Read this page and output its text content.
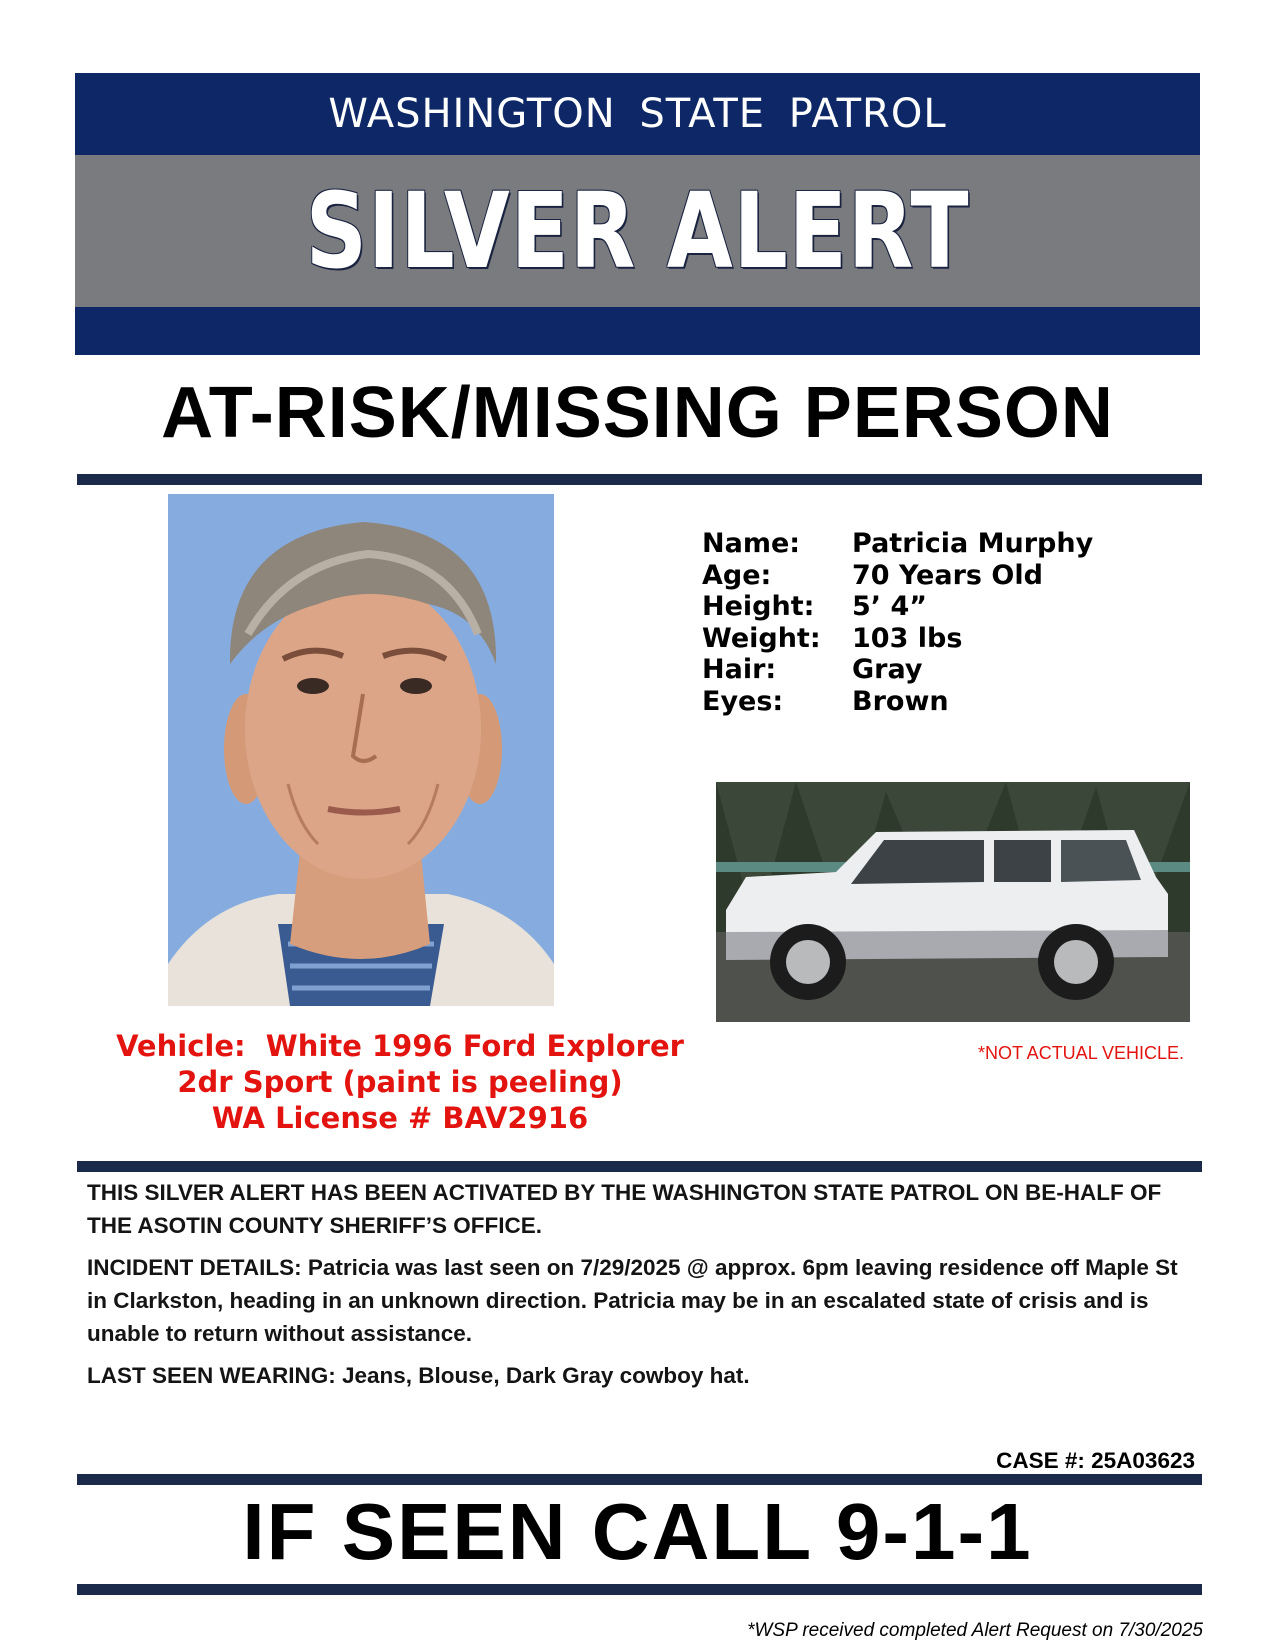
WASHINGTON STATE PATROL
SILVER ALERT
AT-RISK/MISSING PERSON
Name:	Patricia Murphy
Age:	70 Years Old
Height:	5’ 4”
Weight:	103 lbs
Hair:	Gray
Eyes:	Brown
*NOT ACTUAL VEHICLE.
Vehicle:  White 1996 Ford Explorer
2dr Sport (paint is peeling)
WA License # BAV2916
THIS SILVER ALERT HAS BEEN ACTIVATED BY THE WASHINGTON STATE PATROL ON BE-HALF OF THE ASOTIN COUNTY SHERIFF’S OFFICE.
INCIDENT DETAILS: Patricia was last seen on 7/29/2025 @ approx. 6pm leaving residence off Maple St in Clarkston, heading in an unknown direction. Patricia may be in an escalated state of crisis and is unable to return without assistance.
LAST SEEN WEARING: Jeans, Blouse, Dark Gray cowboy hat.
CASE #: 25A03623
IF SEEN CALL 9-1-1
*WSP received completed Alert Request on 7/30/2025
